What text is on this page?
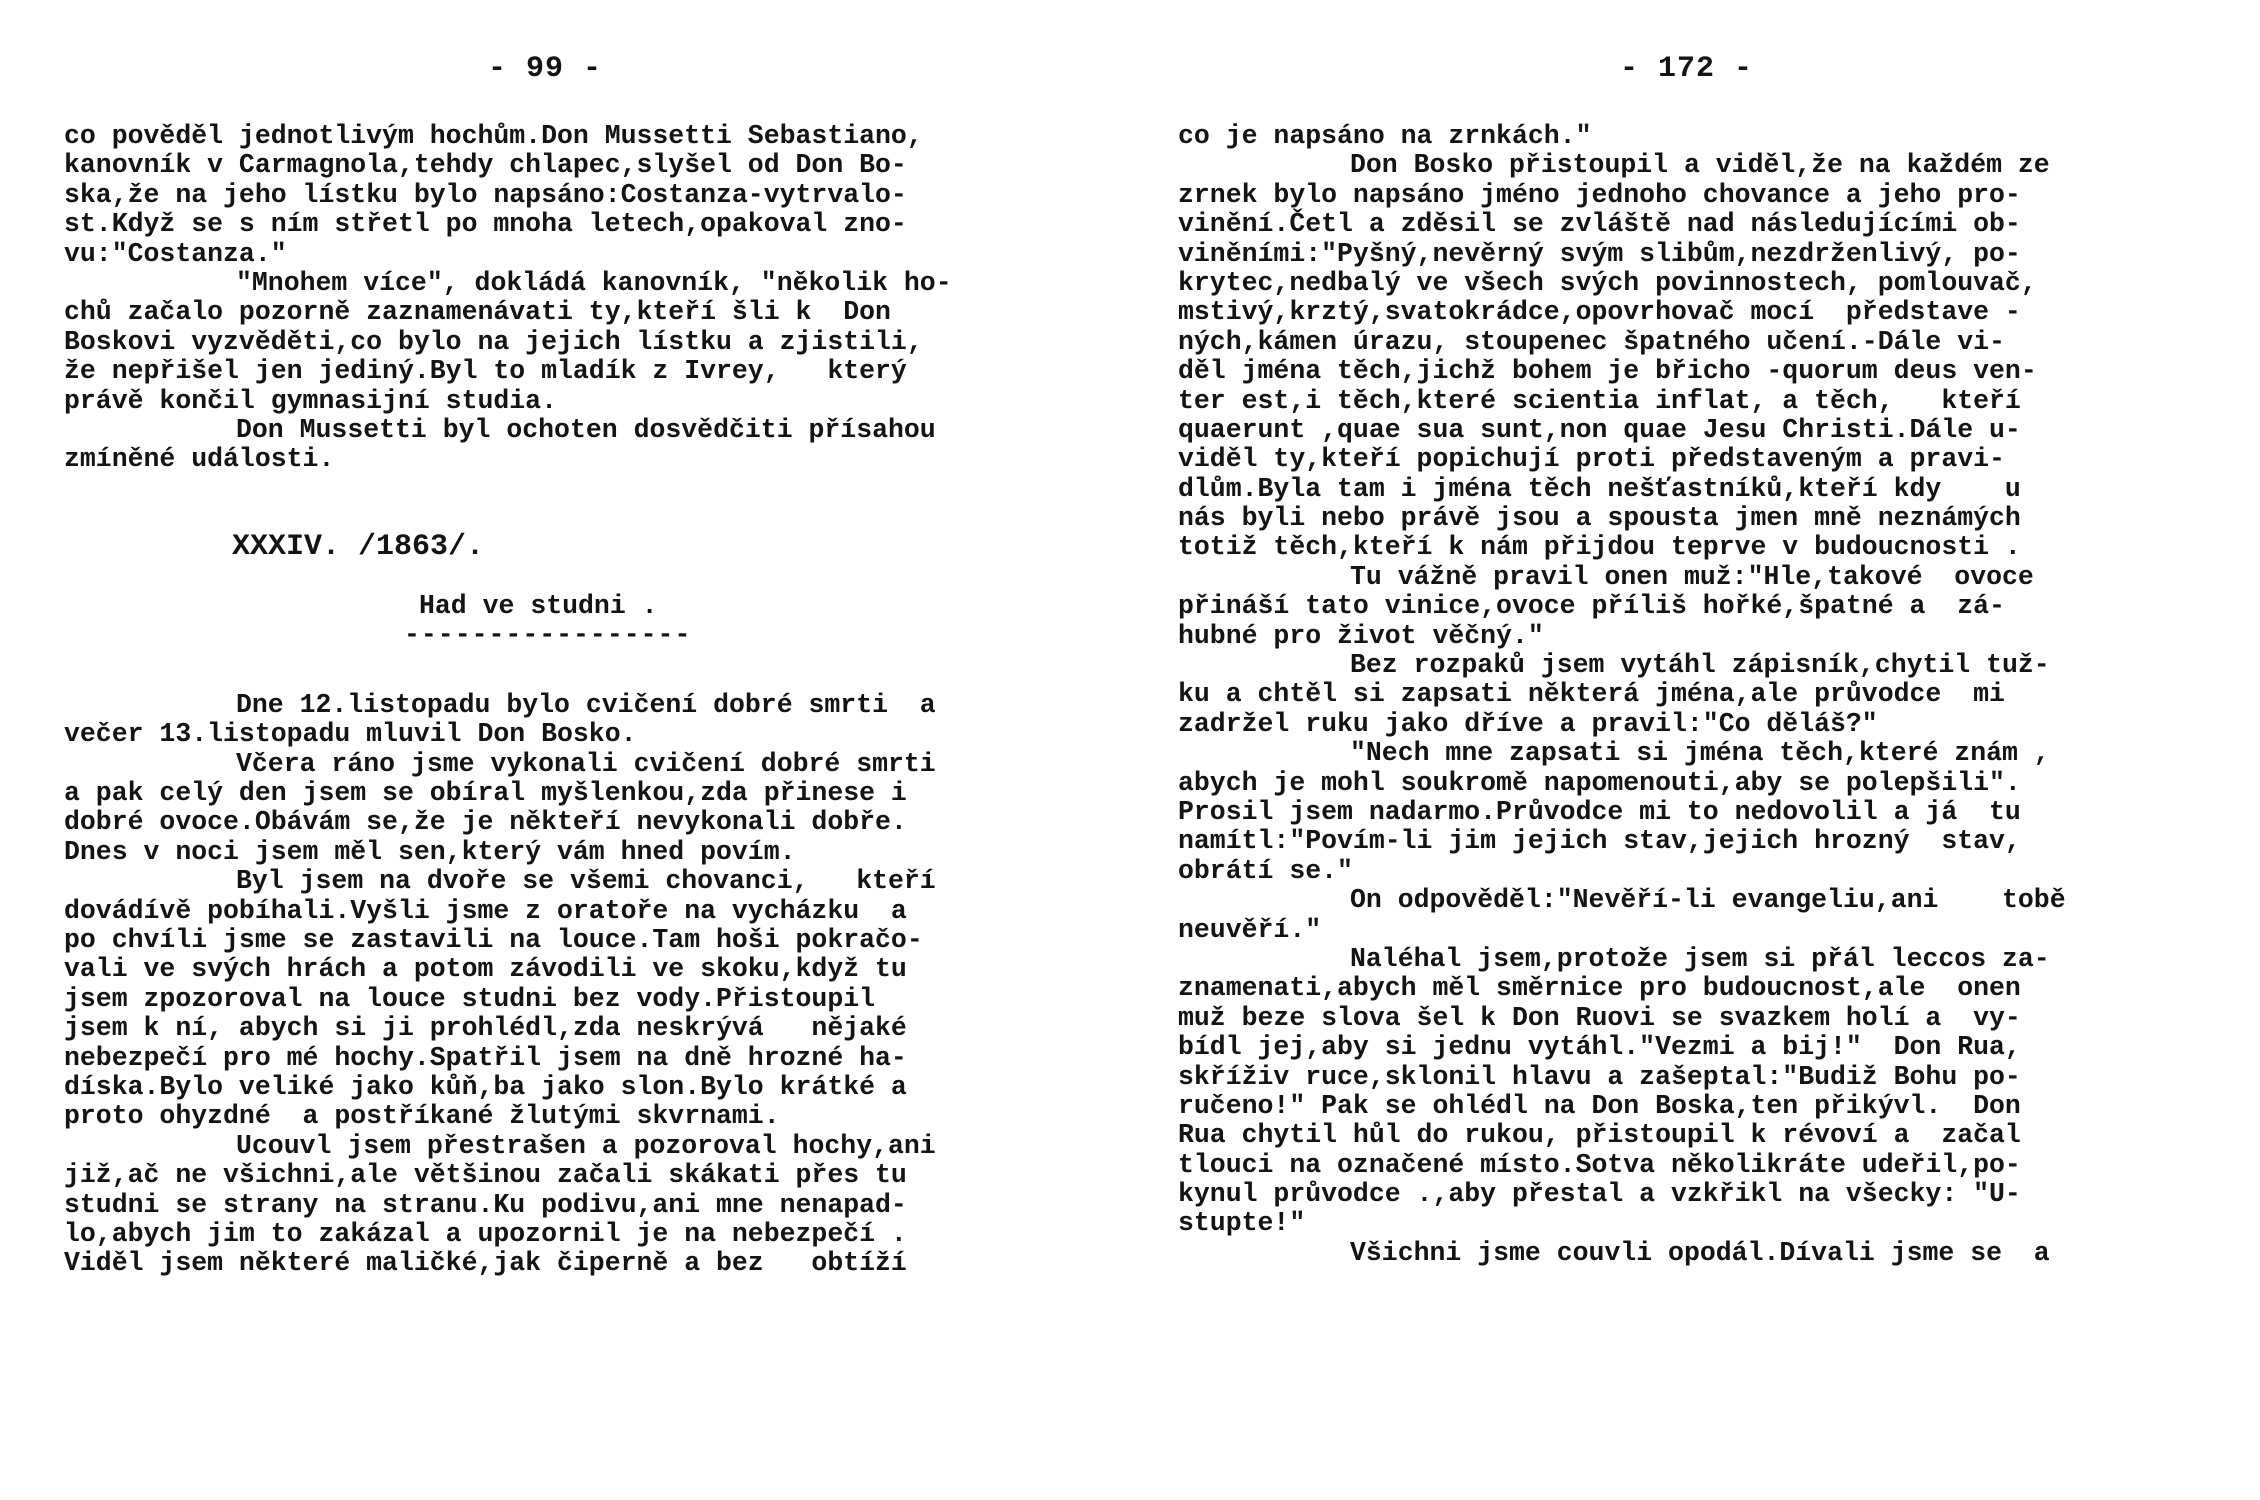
- 99 -
co pověděl jednotlivým hochům.Don Mussetti Sebastiano,
kanovník v Carmagnola,tehdy chlapec,slyšel od Don Bo-
ska,že na jeho lístku bylo napsáno:Costanza-vytrvalo-
st.Když se s ním střetl po mnoha letech,opakoval zno-
vu:"Costanza."
"Mnohem více", dokládá kanovník, "několik ho-
chů začalo pozorně zaznamenávati ty,kteří šli k  Don
Boskovi vyzvěděti,co bylo na jejich lístku a zjistili,
že nepřišel jen jediný.Byl to mladík z Ivrey,   který
právě končil gymnasijní studia.
Don Mussetti byl ochoten dosvědčiti přísahou
zmíněné události.
XXXIV. /1863/.
Had ve studni .
-----------------
Dne 12.listopadu bylo cvičení dobré smrti  a
večer 13.listopadu mluvil Don Bosko.
Včera ráno jsme vykonali cvičení dobré smrti
a pak celý den jsem se obíral myšlenkou,zda přinese i
dobré ovoce.Obávám se,že je někteří nevykonali dobře.
Dnes v noci jsem měl sen,který vám hned povím.
Byl jsem na dvoře se všemi chovanci,   kteří
dovádívě pobíhali.Vyšli jsme z oratoře na vycházku  a
po chvíli jsme se zastavili na louce.Tam hoši pokračo-
vali ve svých hrách a potom závodili ve skoku,když tu
jsem zpozoroval na louce studni bez vody.Přistoupil
jsem k ní, abych si ji prohlédl,zda neskrývá   nějaké
nebezpečí pro mé hochy.Spatřil jsem na dně hrozné ha-
díska.Bylo veliké jako kůň,ba jako slon.Bylo krátké a
proto ohyzdné  a postříkané žlutými skvrnami.
Ucouvl jsem přestrašen a pozoroval hochy,ani
již,ač ne všichni,ale většinou začali skákati přes tu
studni se strany na stranu.Ku podivu,ani mne nenapad-
lo,abych jim to zakázal a upozornil je na nebezpečí .
Viděl jsem některé maličké,jak čiperně a bez   obtíží
- 172 -
co je napsáno na zrnkách."
Don Bosko přistoupil a viděl,že na každém ze
zrnek bylo napsáno jméno jednoho chovance a jeho pro-
vinění.Četl a zděsil se zvláště nad následujícími ob-
viněními:"Pyšný,nevěrný svým slibům,nezdrženlivý, po-
krytec,nedbalý ve všech svých povinnostech, pomlouvač,
mstivý,krztý,svatokrádce,opovrhovač mocí  představe -
ných,kámen úrazu, stoupenec špatného učení.-Dále vi-
děl jména těch,jichž bohem je břicho -quorum deus ven-
ter est,i těch,které scientia inflat, a těch,   kteří
quaerunt ,quae sua sunt,non quae Jesu Christi.Dále u-
viděl ty,kteří popichují proti představeným a pravi-
dlům.Byla tam i jména těch nešťastníků,kteří kdy    u
nás byli nebo právě jsou a spousta jmen mně neznámých
totiž těch,kteří k nám přijdou teprve v budoucnosti .
Tu vážně pravil onen muž:"Hle,takové  ovoce
přináší tato vinice,ovoce příliš hořké,špatné a  zá-
hubné pro život věčný."
Bez rozpaků jsem vytáhl zápisník,chytil tuž-
ku a chtěl si zapsati některá jména,ale průvodce  mi
zadržel ruku jako dříve a pravil:"Co děláš?"
"Nech mne zapsati si jména těch,které znám ,
abych je mohl soukromě napomenouti,aby se polepšili".
Prosil jsem nadarmo.Průvodce mi to nedovolil a já  tu
namítl:"Povím-li jim jejich stav,jejich hrozný  stav,
obrátí se."
On odpověděl:"Nevěří-li evangeliu,ani    tobě
neuvěří."
Naléhal jsem,protože jsem si přál leccos za-
znamenati,abych měl směrnice pro budoucnost,ale  onen
muž beze slova šel k Don Ruovi se svazkem holí a  vy-
bídl jej,aby si jednu vytáhl."Vezmi a bij!"  Don Rua,
skříživ ruce,sklonil hlavu a zašeptal:"Budiž Bohu po-
ručeno!" Pak se ohlédl na Don Boska,ten přikývl.  Don
Rua chytil hůl do rukou, přistoupil k révoví a  začal
tlouci na označené místo.Sotva několikráte udeřil,po-
kynul průvodce .,aby přestal a vzkřikl na všecky: "U-
stupte!"
Všichni jsme couvli opodál.Dívali jsme se  a
